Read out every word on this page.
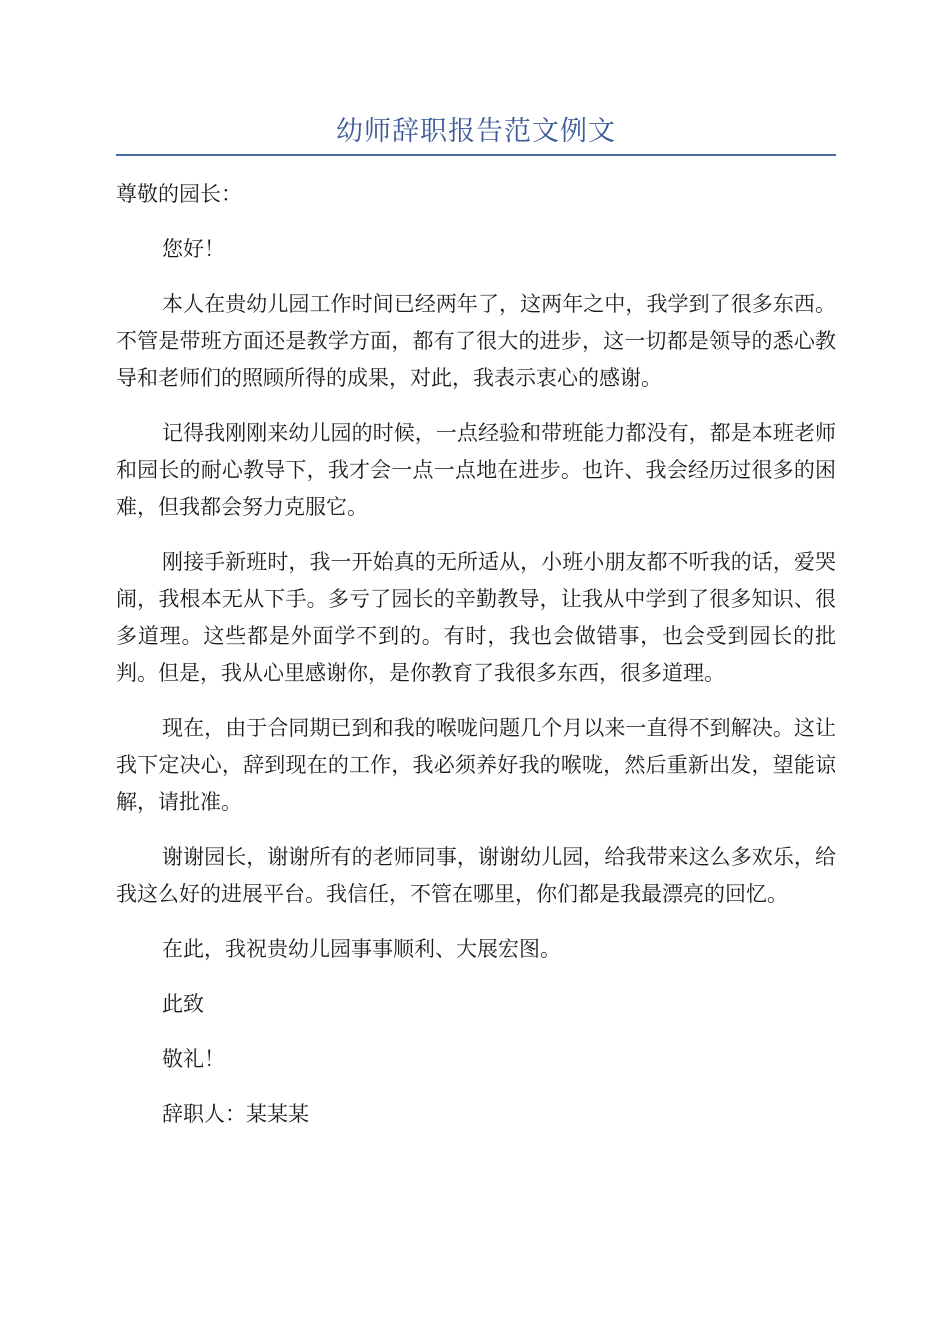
幼师辞职报告范文例文

尊敬的园长：

您好！

本人在贵幼儿园工作时间已经两年了，这两年之中，我学到了很多东西。不管是带班方面还是教学方面，都有了很大的进步，这一切都是领导的悉心教导和老师们的照顾所得的成果，对此，我表示衷心的感谢。

记得我刚刚来幼儿园的时候，一点经验和带班能力都没有，都是本班老师和园长的耐心教导下，我才会一点一点地在进步。也许、我会经历过很多的困难，但我都会努力克服它。

刚接手新班时，我一开始真的无所适从，小班小朋友都不听我的话，爱哭闹，我根本无从下手。多亏了园长的辛勤教导，让我从中学到了很多知识、很多道理。这些都是外面学不到的。有时，我也会做错事，也会受到园长的批判。但是，我从心里感谢你，是你教育了我很多东西，很多道理。

现在，由于合同期已到和我的喉咙问题几个月以来一直得不到解决。这让我下定决心，辞到现在的工作，我必须养好我的喉咙，然后重新出发，望能谅解，请批准。

谢谢园长，谢谢所有的老师同事，谢谢幼儿园，给我带来这么多欢乐，给我这么好的进展平台。我信任，不管在哪里，你们都是我最漂亮的回忆。

在此，我祝贵幼儿园事事顺利、大展宏图。

此致

敬礼！

辞职人：某某某
